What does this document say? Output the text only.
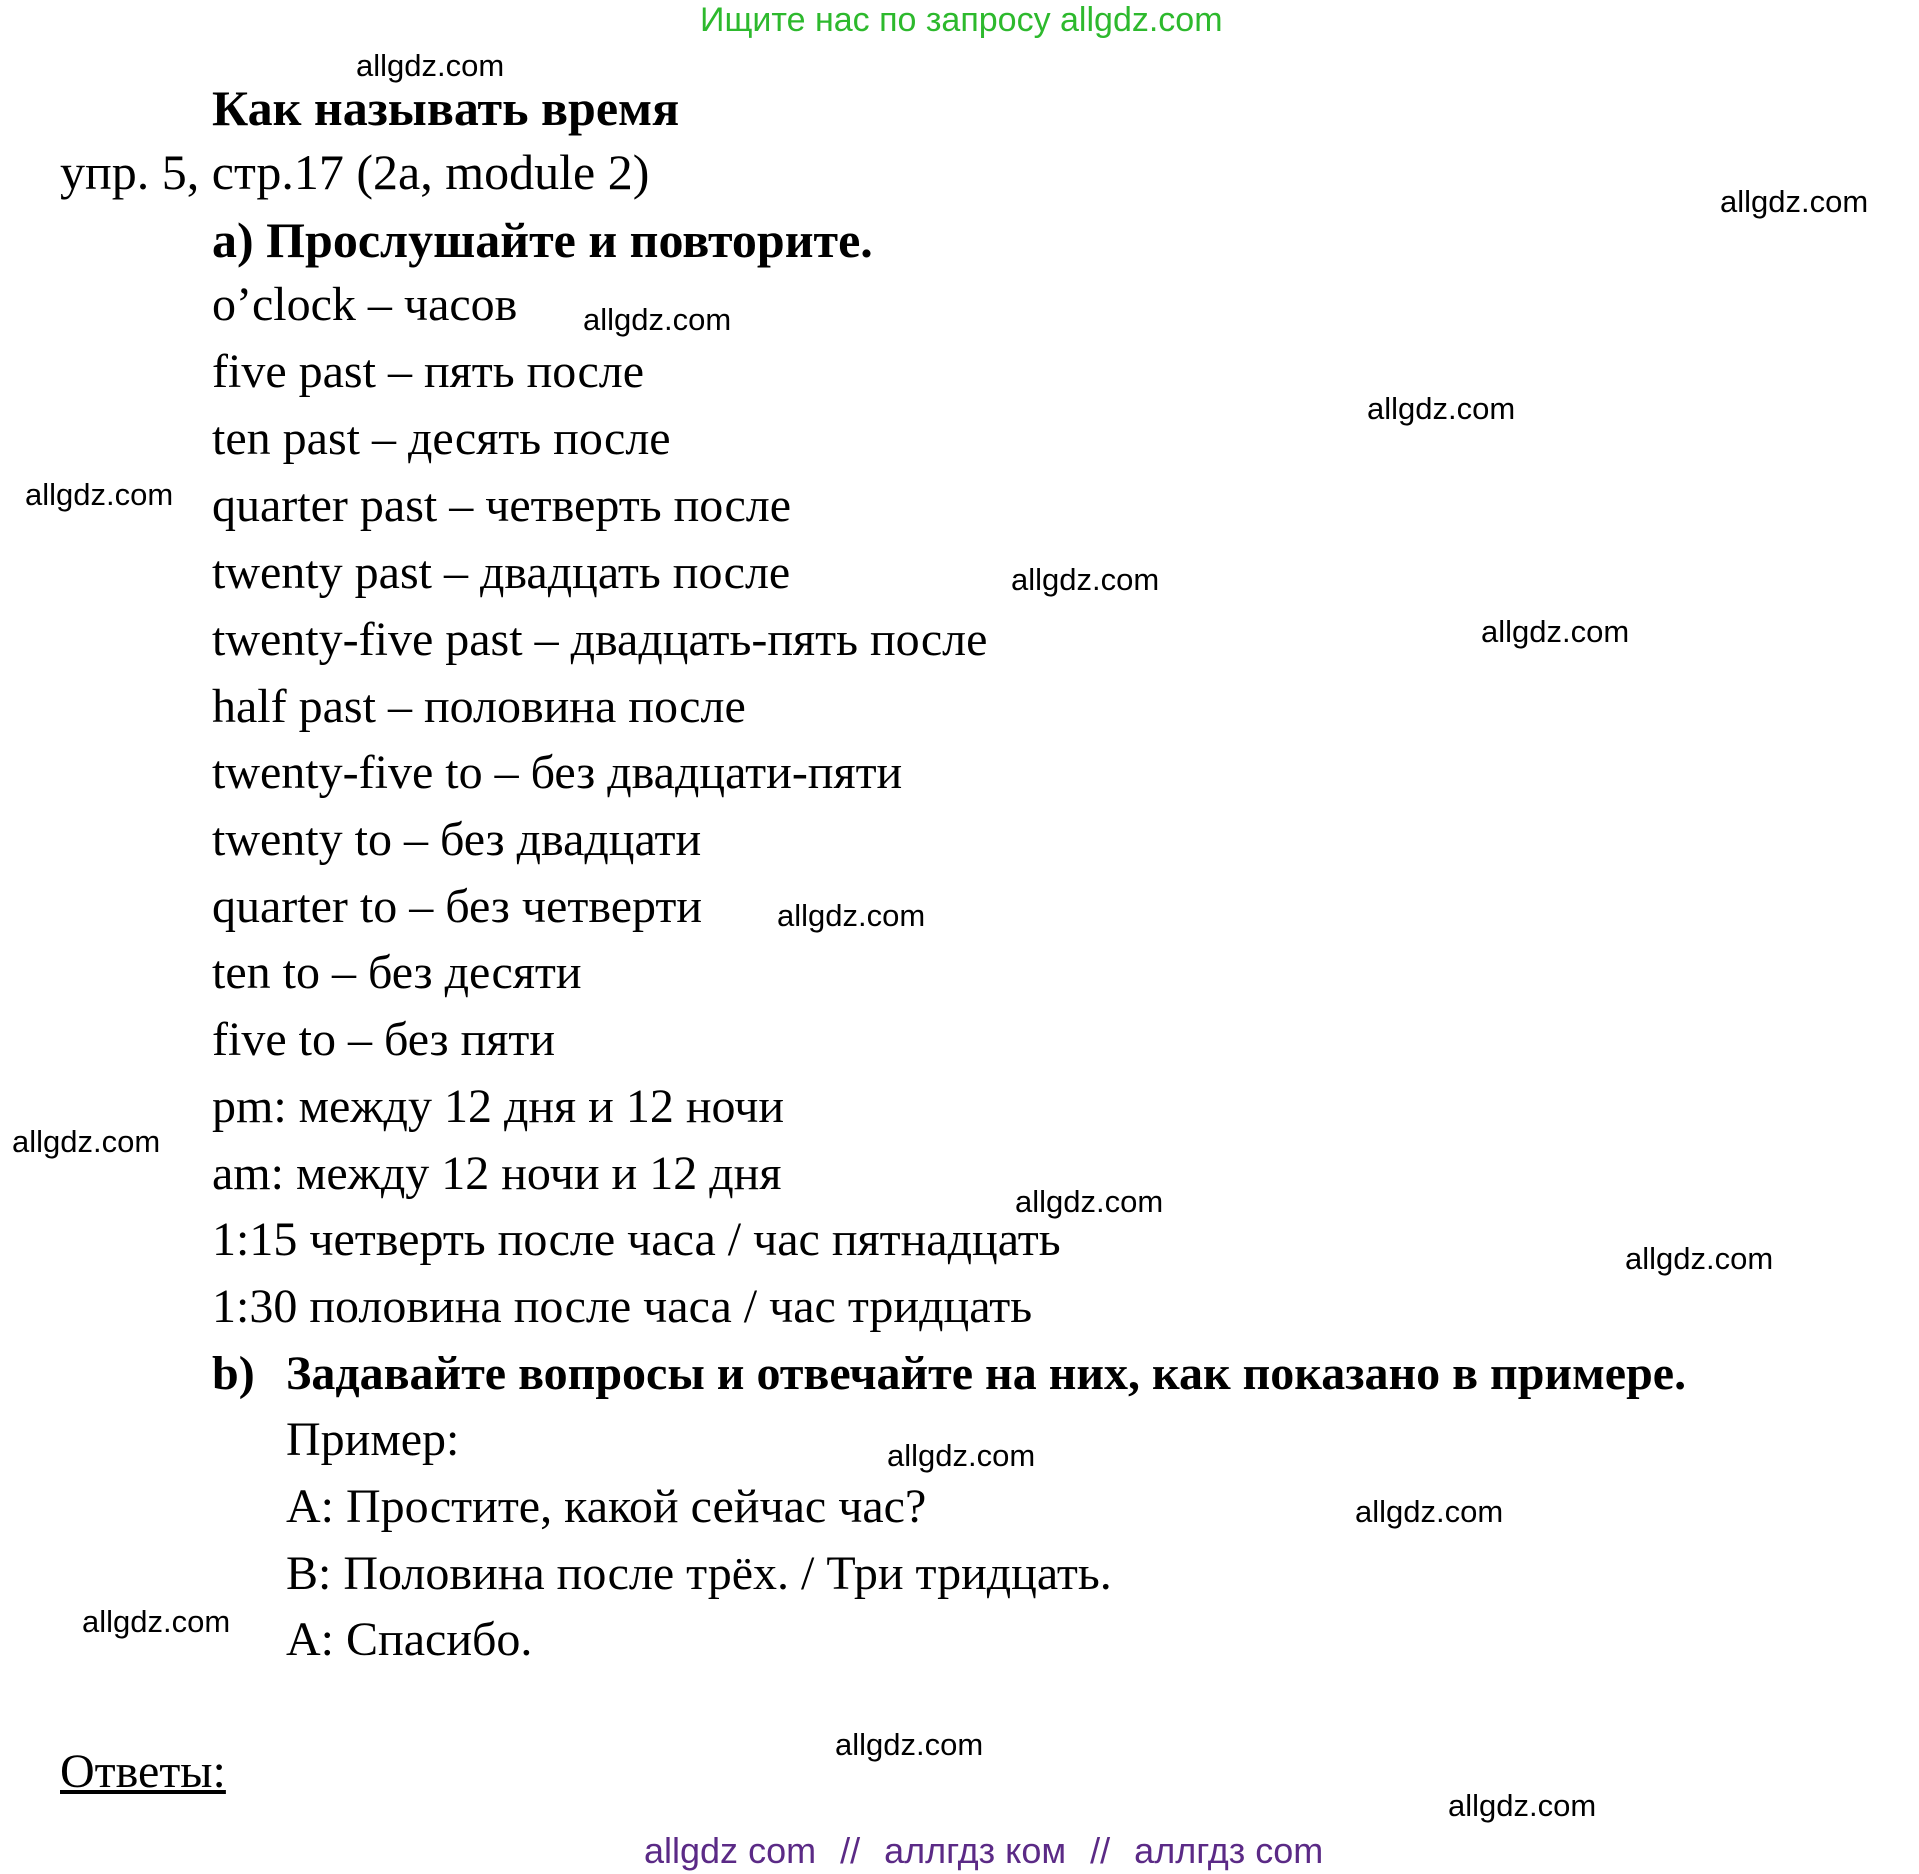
Ищите нас по запросу allgdz.com
Как называть время
упр. 5, стр.17 (2a, module 2)
а) Прослушайте и повторите.
o’clock – часов
five past – пять после
ten past – десять после
quarter past – четверть после
twenty past – двадцать после
twenty-five past – двадцать-пять после
half past – половина после
twenty-five to – без двадцати-пяти
twenty to – без двадцати
quarter to – без четверти
ten to – без десяти
five to – без пяти
pm: между 12 дня и 12 ночи
am: между 12 ночи и 12 дня
1:15 четверть после часа / час пятнадцать
1:30 половина после часа / час тридцать
b) Задавайте вопросы и отвечайте на них, как показано в примере.
Пример:
А: Простите, какой сейчас час?
В: Половина после трёх. / Три тридцать.
А: Спасибо.
Ответы:
allgdz.com
allgdz.com
allgdz.com
allgdz.com
allgdz.com
allgdz.com
allgdz.com
allgdz.com
allgdz.com
allgdz.com
allgdz.com
allgdz.com
allgdz.com
allgdz.com
allgdz.com
allgdz.com
allgdz com // аллгдз ком // аллгдз com
